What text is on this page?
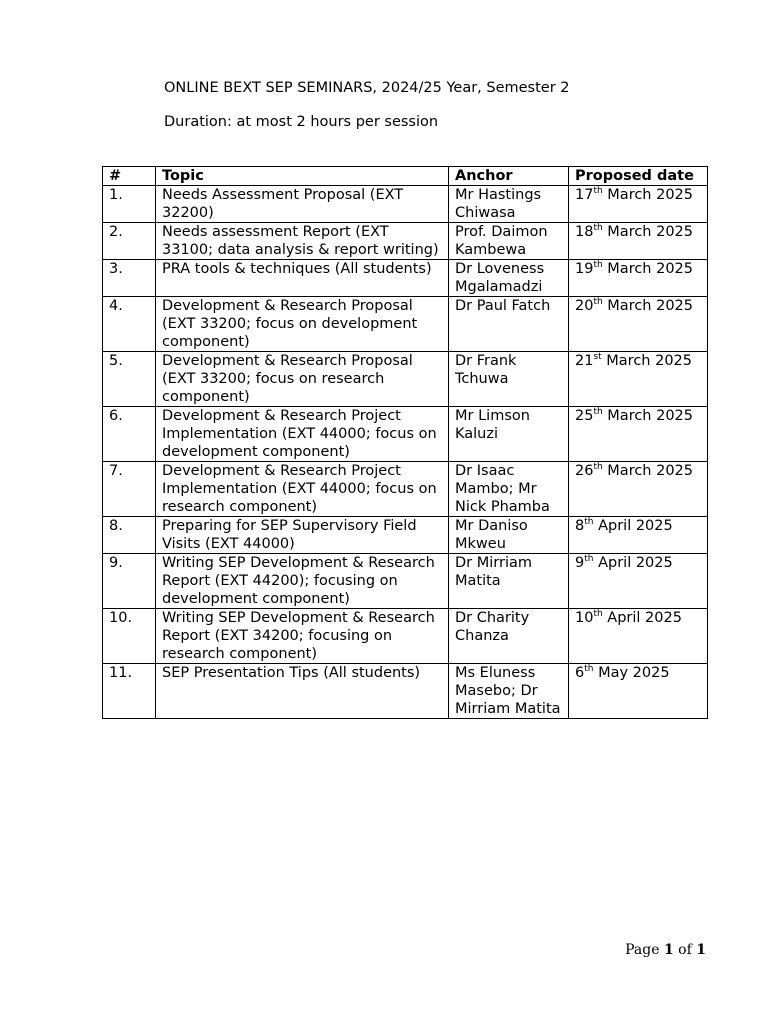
ONLINE BEXT SEP SEMINARS, 2024/25 Year, Semester 2
Duration: at most 2 hours per session
#	Topic	Anchor	Proposed date
1.	Needs Assessment Proposal (EXT 32200)	Mr Hastings Chiwasa	17th March 2025
2.	Needs assessment Report (EXT 33100; data analysis & report writing)	Prof. Daimon Kambewa	18th March 2025
3.	PRA tools & techniques (All students)	Dr Loveness Mgalamadzi	19th March 2025
4.	Development & Research Proposal (EXT 33200; focus on development component)	Dr Paul Fatch	20th March 2025
5.	Development & Research Proposal (EXT 33200; focus on research component)	Dr Frank Tchuwa	21st March 2025
6.	Development & Research Project Implementation (EXT 44000; focus on development component)	Mr Limson Kaluzi	25th March 2025
7.	Development & Research Project Implementation (EXT 44000; focus on research component)	Dr Isaac Mambo; Mr Nick Phamba	26th March 2025
8.	Preparing for SEP Supervisory Field Visits (EXT 44000)	Mr Daniso Mkweu	8th April 2025
9.	Writing SEP Development & Research Report (EXT 44200); focusing on development component)	Dr Mirriam Matita	9th April 2025
10.	Writing SEP Development & Research Report (EXT 34200; focusing on research component)	Dr Charity Chanza	10th April 2025
11.	SEP Presentation Tips (All students)	Ms Eluness Masebo; Dr Mirriam Matita	6th May 2025
Page 1 of 1
